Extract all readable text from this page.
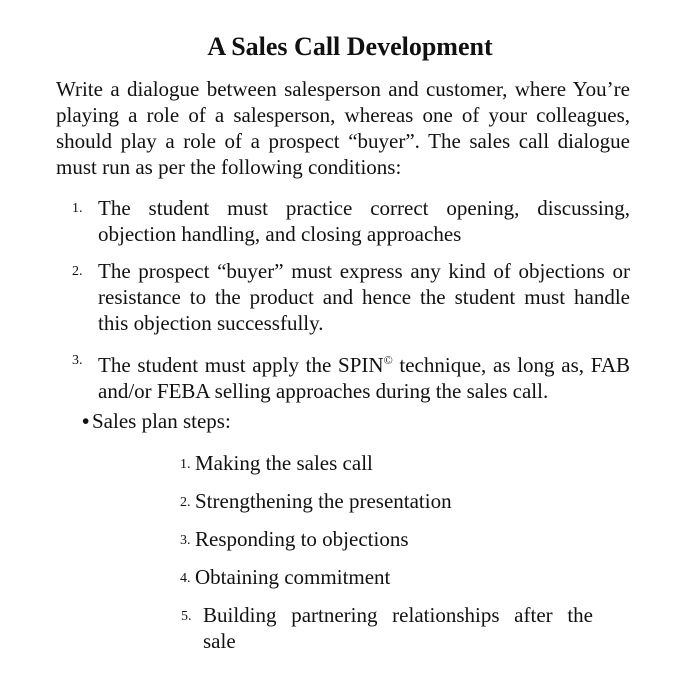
A Sales Call Development
Write a dialogue between salesperson and customer, where You’re playing a role of a salesperson, whereas one of your colleagues, should play a role of a prospect “buyer”. The sales call dialogue must run as per the following conditions:
1. The student must practice correct opening, discussing, objection handling, and closing approaches
2. The prospect “buyer” must express any kind of objections or resistance to the product and hence the student must handle this objection successfully.
3. The student must apply the SPIN© technique, as long as, FAB and/or FEBA selling approaches during the sales call.
• Sales plan steps:
1. Making the sales call
2. Strengthening the presentation
3. Responding to objections
4. Obtaining commitment
5. Building partnering relationships after the sale
